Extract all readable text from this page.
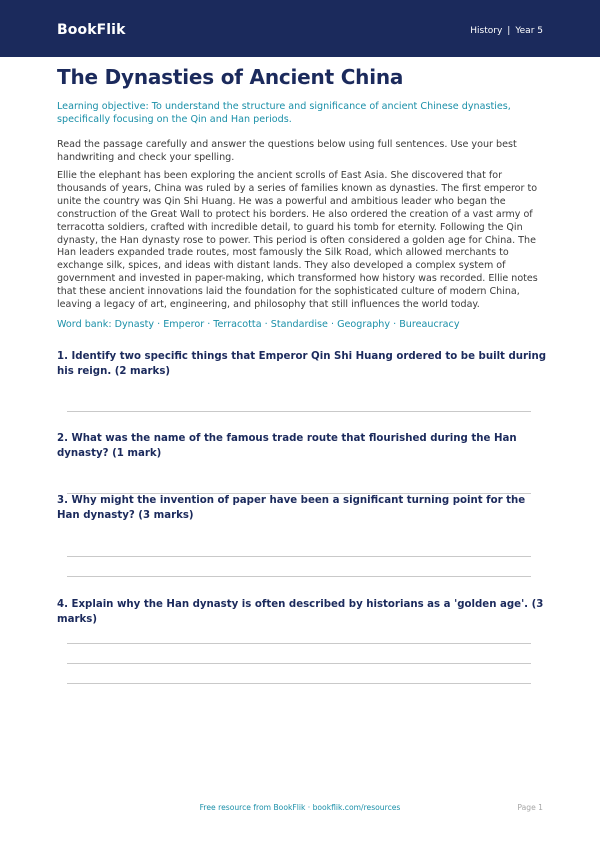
BookFlik	History | Year 5
The Dynasties of Ancient China
Learning objective: To understand the structure and significance of ancient Chinese dynasties, specifically focusing on the Qin and Han periods.
Read the passage carefully and answer the questions below using full sentences. Use your best handwriting and check your spelling.
Ellie the elephant has been exploring the ancient scrolls of East Asia. She discovered that for thousands of years, China was ruled by a series of families known as dynasties. The first emperor to unite the country was Qin Shi Huang. He was a powerful and ambitious leader who began the construction of the Great Wall to protect his borders. He also ordered the creation of a vast army of terracotta soldiers, crafted with incredible detail, to guard his tomb for eternity. Following the Qin dynasty, the Han dynasty rose to power. This period is often considered a golden age for China. The Han leaders expanded trade routes, most famously the Silk Road, which allowed merchants to exchange silk, spices, and ideas with distant lands. They also developed a complex system of government and invested in paper-making, which transformed how history was recorded. Ellie notes that these ancient innovations laid the foundation for the sophisticated culture of modern China, leaving a legacy of art, engineering, and philosophy that still influences the world today.
Word bank: Dynasty · Emperor · Terracotta · Standardise · Geography · Bureaucracy
1. Identify two specific things that Emperor Qin Shi Huang ordered to be built during his reign. (2 marks)
2. What was the name of the famous trade route that flourished during the Han dynasty? (1 mark)
3. Why might the invention of paper have been a significant turning point for the Han dynasty? (3 marks)
4. Explain why the Han dynasty is often described by historians as a 'golden age'. (3 marks)
Free resource from BookFlik · bookflik.com/resources	Page 1
